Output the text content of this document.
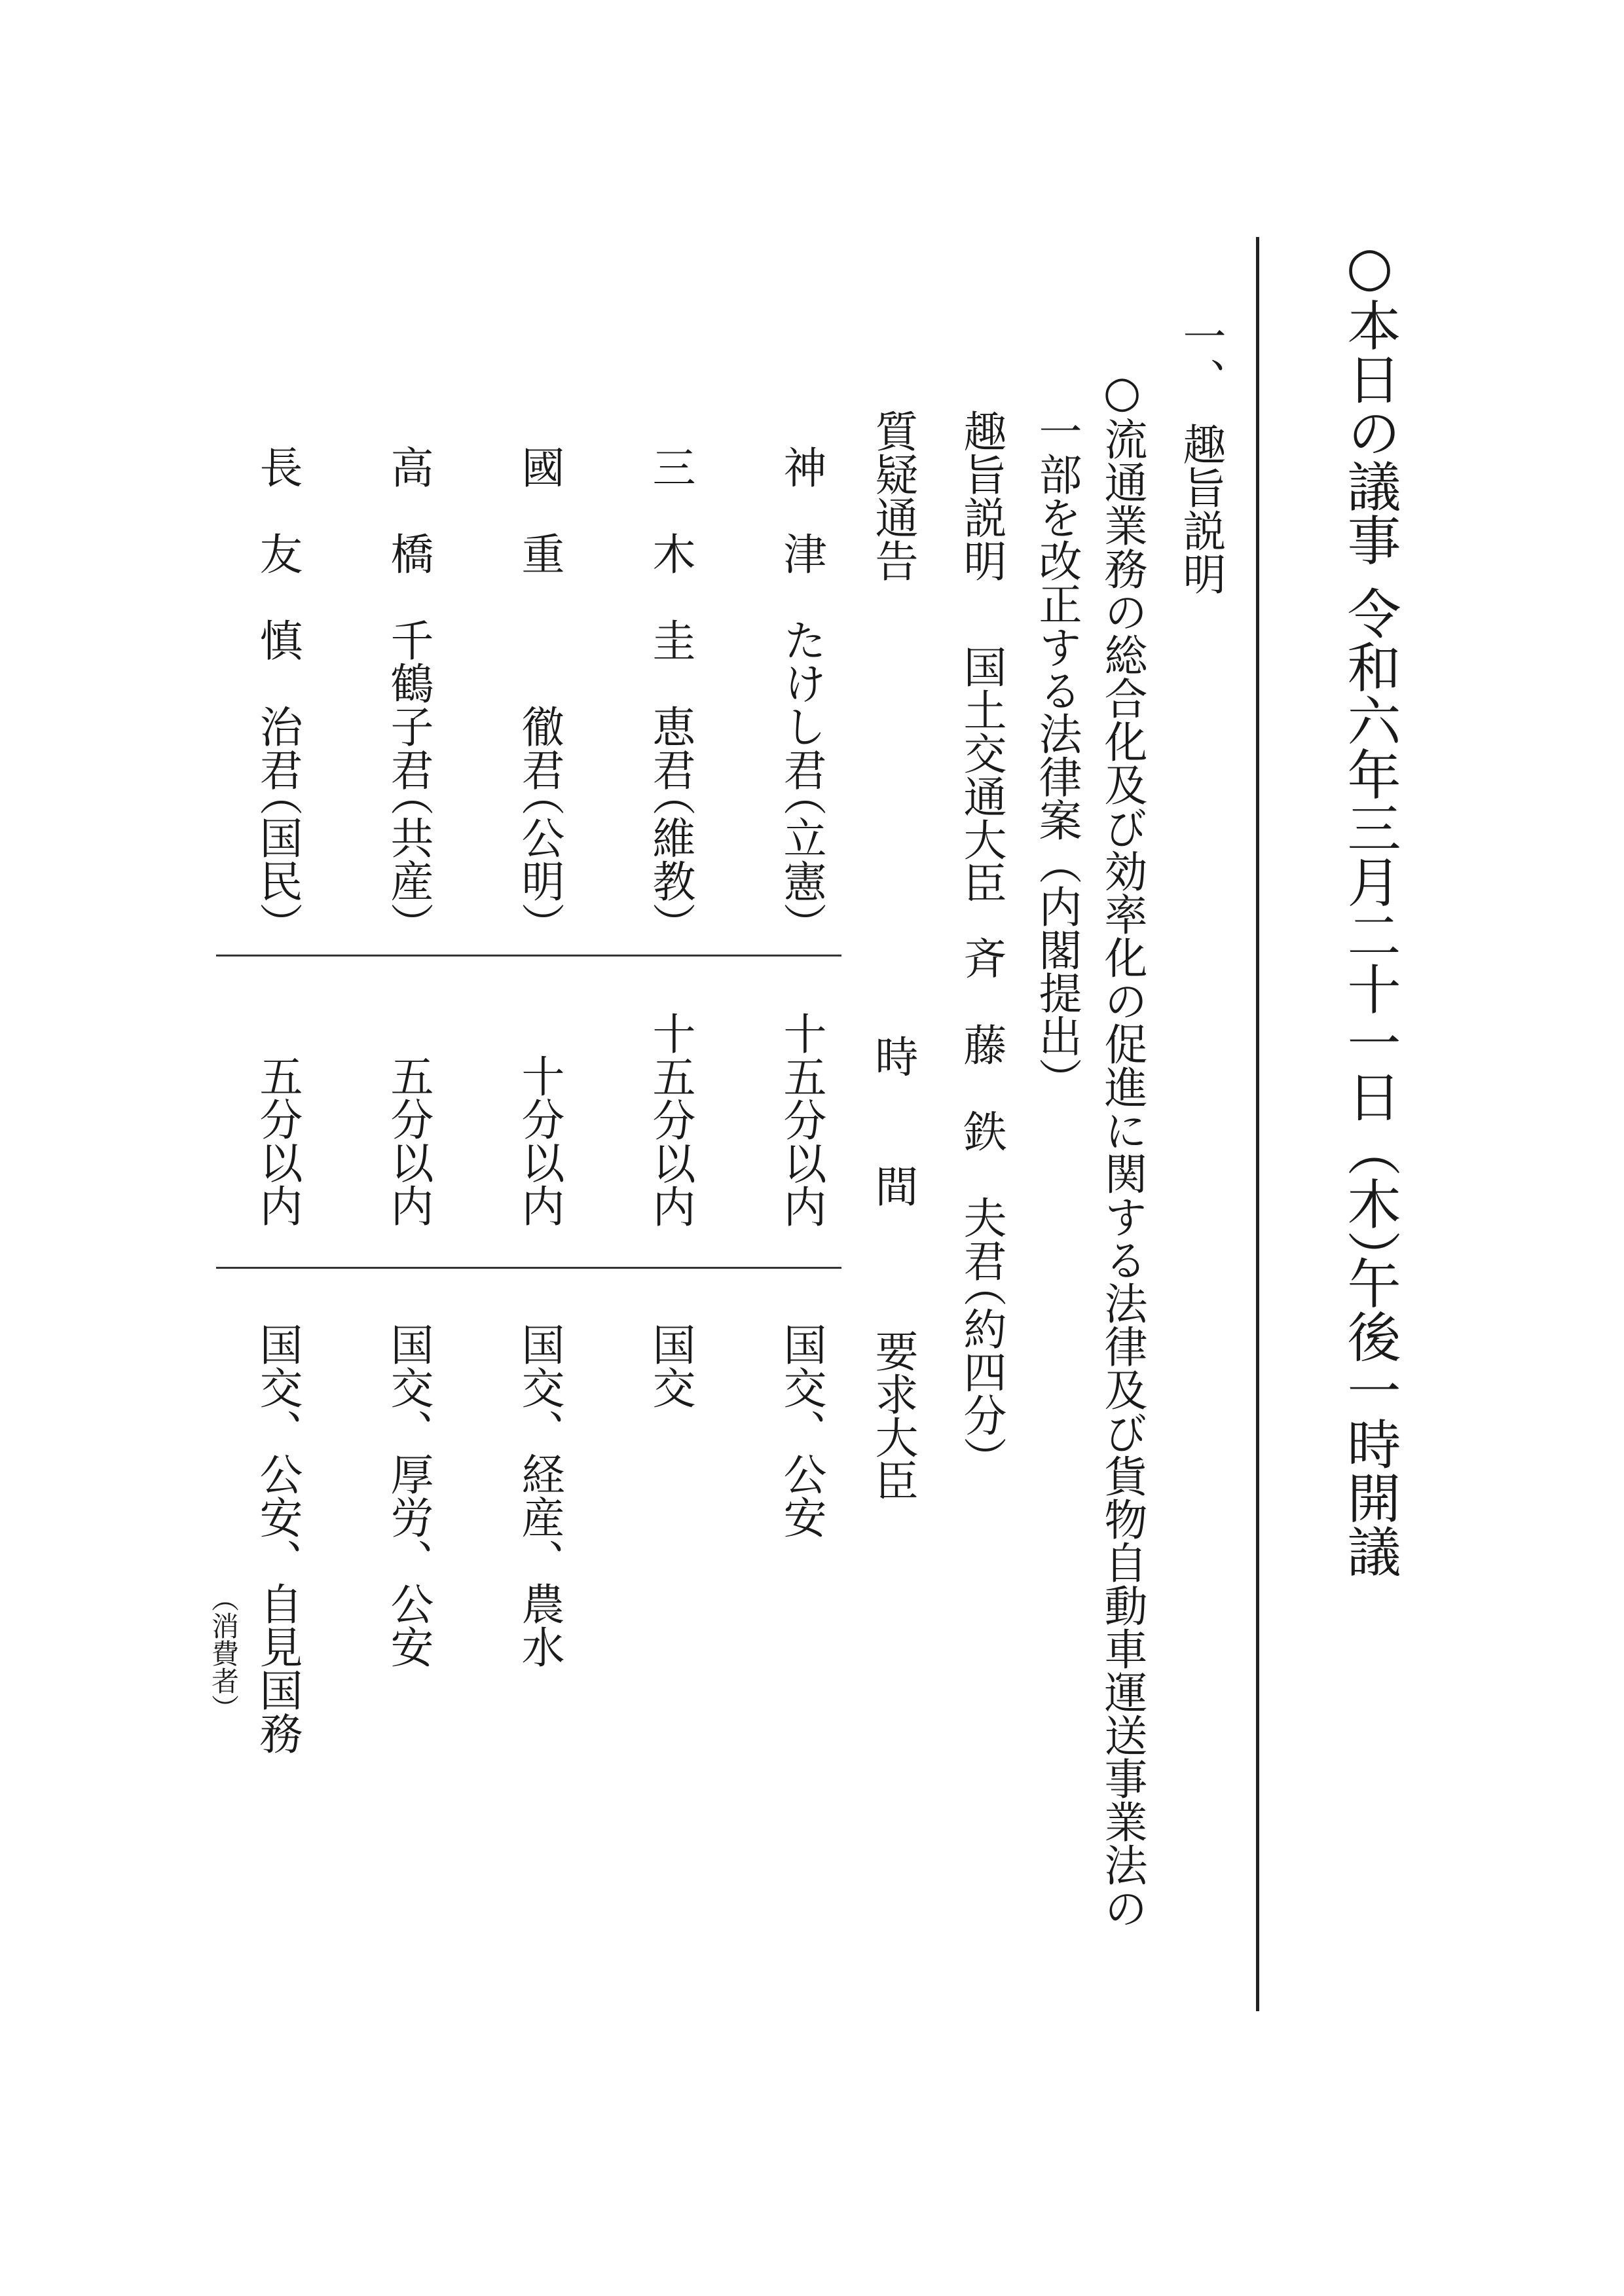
○本日の議事
令和六年三月二十一日（木）
午後一時開議
一、　趣旨説明
○流通業務の総合化及び効率化の促進に関する法律及び貨物自動車運送事業法の
一部を改正する法律案（内閣提出）
趣旨説明
国土交通大臣
斉　藤　鉄　夫君
（約四分）
質疑通告
時　　間
要求大臣
神　津　たけし君
（立憲）
十五分以内
国交、公安
三　木　圭　恵君
（維教）
十五分以内
国交
國　重　　　徹君
（公明）
十分以内
国交、経産、農水
高　橋　千鶴子君
（共産）
五分以内
国交、厚労、公安
長　友　慎　治君
（国民）
五分以内
国交、公安、自見国務
（消費者）
